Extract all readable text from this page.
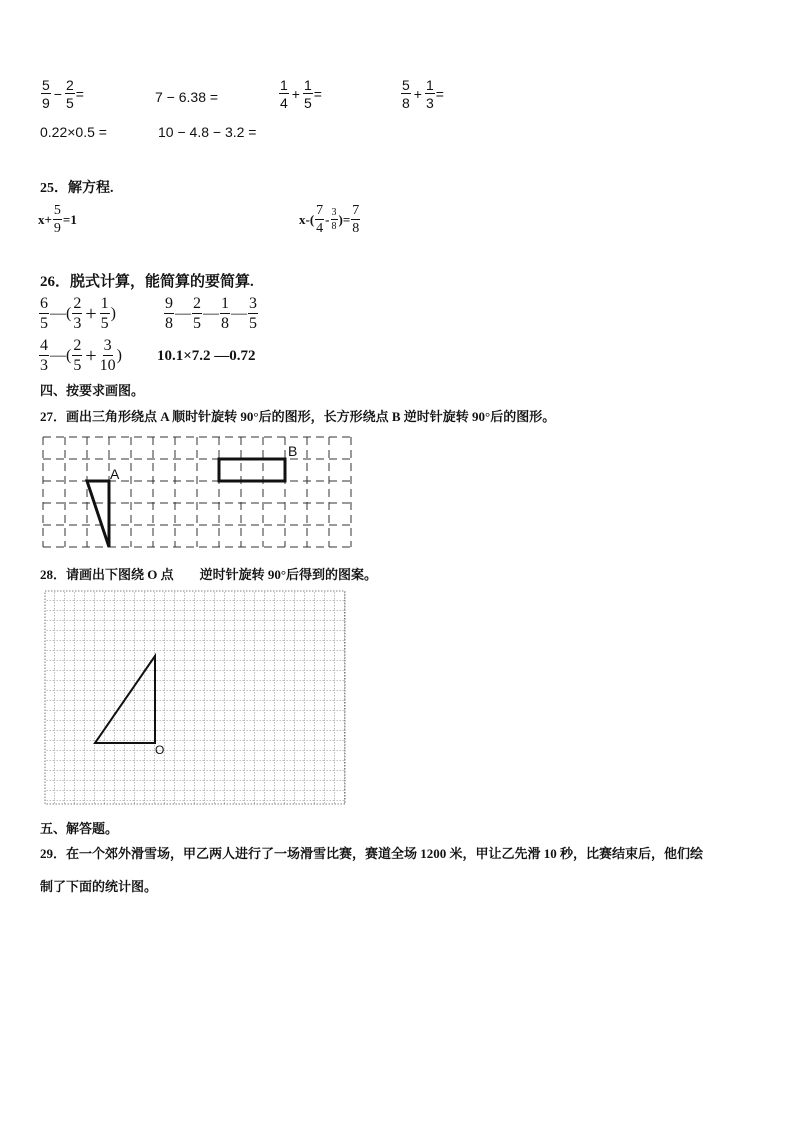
$\frac{5}{9} - \frac{2}{5}$ =	7 − 6.38 =	$\frac{1}{4} + \frac{1}{5}$ =	$\frac{5}{8} + \frac{1}{3}$ =
0.22×0.5 =	10 − 4.8 − 3.2 =
25．解方程.
$x+ \frac{5}{9} =1$	$x-( \frac{7}{4} - \frac{3}{8}$ )= $\frac{7}{8}$
26．脱式计算，能简算的要简算.
$\frac{6}{5}$ —( $\frac{2}{3} + \frac{1}{5}$ )	$\frac{9}{8}$ — $\frac{2}{5}$ — $\frac{1}{8}$ — $\frac{3}{5}$
$\frac{4}{3}$ —( $\frac{2}{5} + \frac{3}{10}$ ) 10.1×7.2 —0.72
四、按要求画图。
27．画出三角形绕点 A 顺时针旋转 90°后的图形，长方形绕点 B 逆时针旋转 90°后的图形。
A
B
28．请画出下图绕 O 点        逆时针旋转 90°后得到的图案。
O
五、解答题。
29．在一个郊外滑雪场，甲乙两人进行了一场滑雪比赛，赛道全场 1200 米，甲让乙先滑 10 秒，比赛结束后，他们绘
制了下面的统计图。
